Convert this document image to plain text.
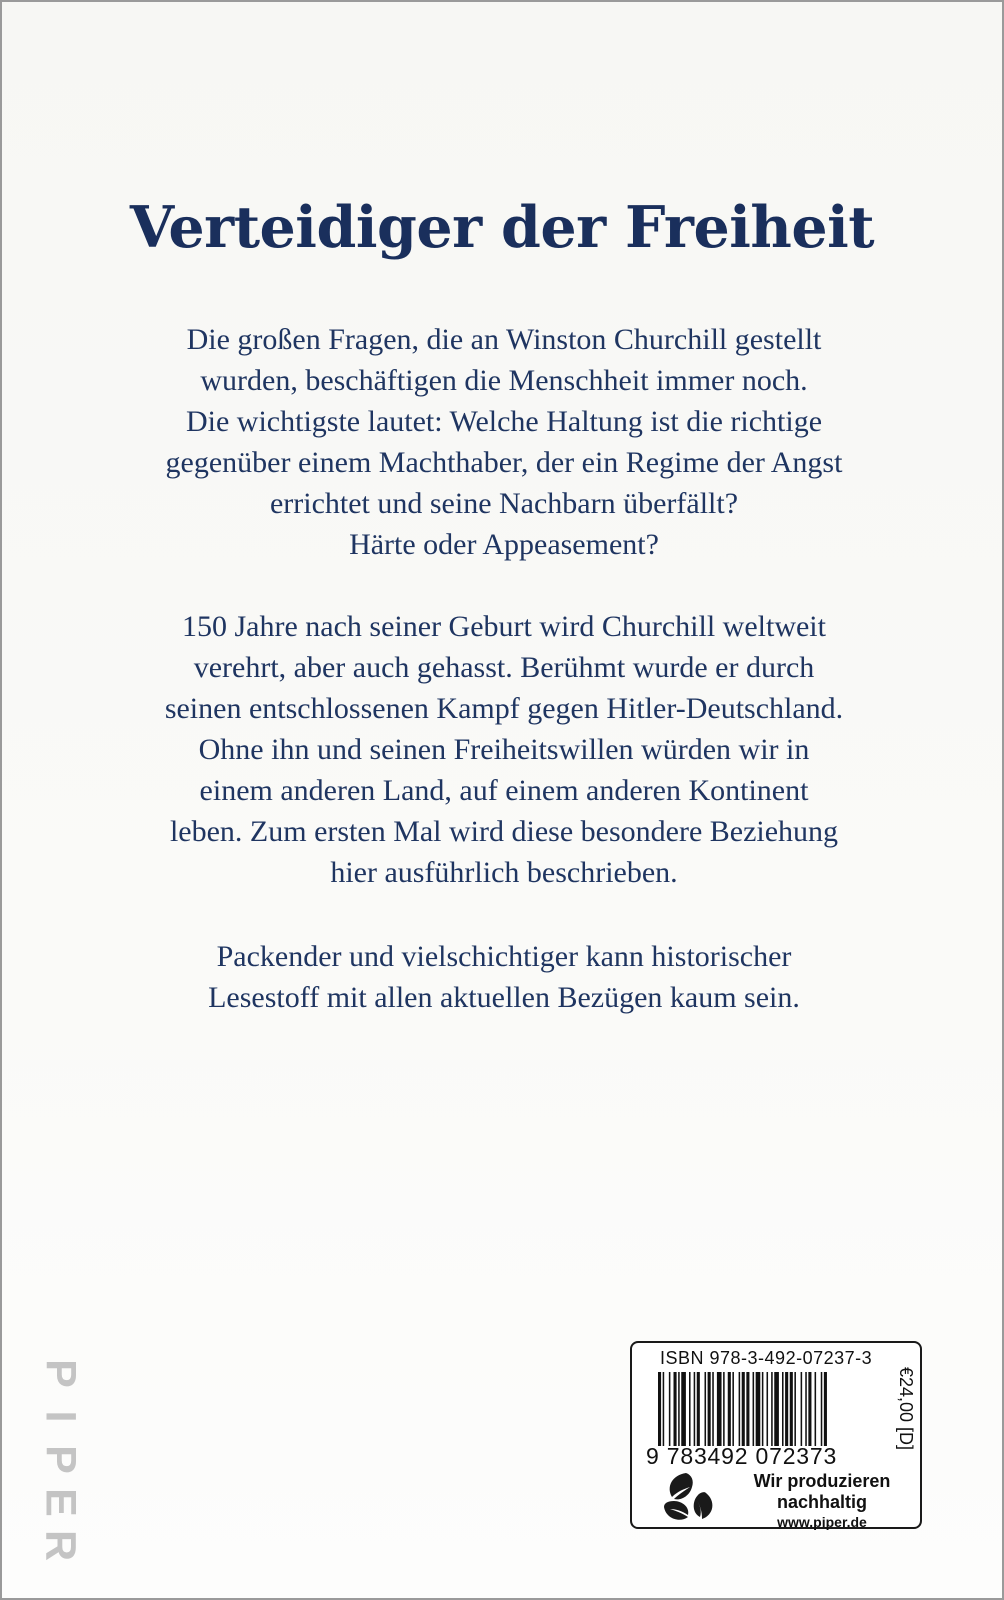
Verteidiger der Freiheit
Die großen Fragen, die an Winston Churchill gestellt
wurden, beschäftigen die Menschheit immer noch.
Die wichtigste lautet: Welche Haltung ist die richtige
gegenüber einem Machthaber, der ein Regime der Angst
errichtet und seine Nachbarn überfällt?
Härte oder Appeasement?
150 Jahre nach seiner Geburt wird Churchill weltweit
verehrt, aber auch gehasst. Berühmt wurde er durch
seinen entschlossenen Kampf gegen Hitler-Deutschland.
Ohne ihn und seinen Freiheitswillen würden wir in
einem anderen Land, auf einem anderen Kontinent
leben. Zum ersten Mal wird diese besondere Beziehung
hier ausführlich beschrieben.
Packender und vielschichtiger kann historischer
Lesestoff mit allen aktuellen Bezügen kaum sein.
P
I
P
E
R
ISBN 978-3-492-07237-3
9 783492 072373
€24,00 [D]
Wir produzieren
nachhaltig
www.piper.de
